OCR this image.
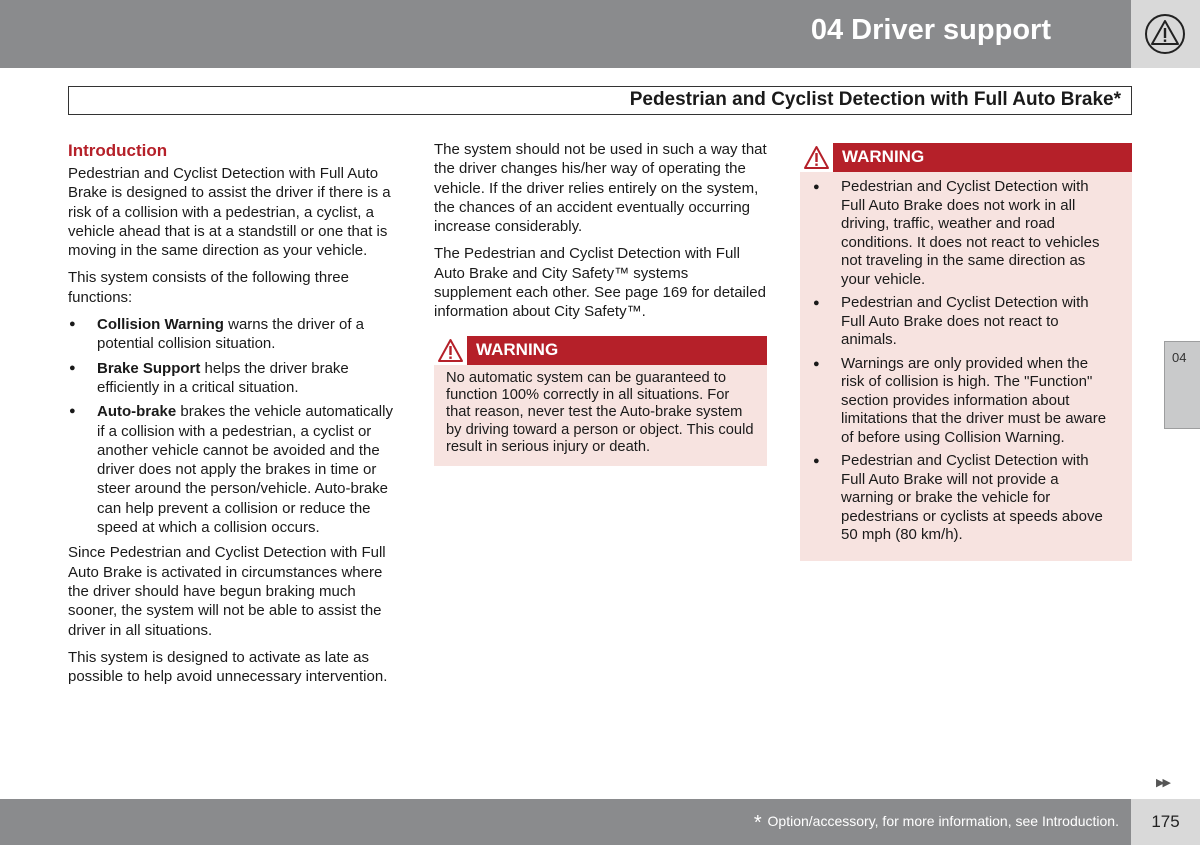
04 Driver support
Pedestrian and Cyclist Detection with Full Auto Brake*
Introduction

Pedestrian and Cyclist Detection with Full Auto Brake is designed to assist the driver if there is a risk of a collision with a pedestrian, a cyclist, a vehicle ahead that is at a standstill or one that is moving in the same direction as your vehicle.

This system consists of the following three functions:

● Collision Warning warns the driver of a potential collision situation.
● Brake Support helps the driver brake efficiently in a critical situation.
● Auto-brake brakes the vehicle automatically if a collision with a pedestrian, a cyclist or another vehicle cannot be avoided and the driver does not apply the brakes in time or steer around the person/vehicle. Auto-brake can help prevent a collision or reduce the speed at which a collision occurs.

Since Pedestrian and Cyclist Detection with Full Auto Brake is activated in circumstances where the driver should have begun braking much sooner, the system will not be able to assist the driver in all situations.

This system is designed to activate as late as possible to help avoid unnecessary intervention.

The system should not be used in such a way that the driver changes his/her way of operating the vehicle. If the driver relies entirely on the system, the chances of an accident eventually occurring increase considerably.

The Pedestrian and Cyclist Detection with Full Auto Brake and City Safety™ systems supplement each other. See page 169 for detailed information about City Safety™.

WARNING
No automatic system can be guaranteed to function 100% correctly in all situations. For that reason, never test the Auto-brake system by driving toward a person or object. This could result in serious injury or death.
WARNING
● Pedestrian and Cyclist Detection with Full Auto Brake does not work in all driving, traffic, weather and road conditions. It does not react to vehicles not traveling in the same direction as your vehicle.
● Pedestrian and Cyclist Detection with Full Auto Brake does not react to animals.
● Warnings are only provided when the risk of collision is high. The "Function" section provides information about limitations that the driver must be aware of before using Collision Warning.
● Pedestrian and Cyclist Detection with Full Auto Brake will not provide a warning or brake the vehicle for pedestrians or cyclists at speeds above 50 mph (80 km/h).
04
▶▶
* Option/accessory, for more information, see Introduction.	175
